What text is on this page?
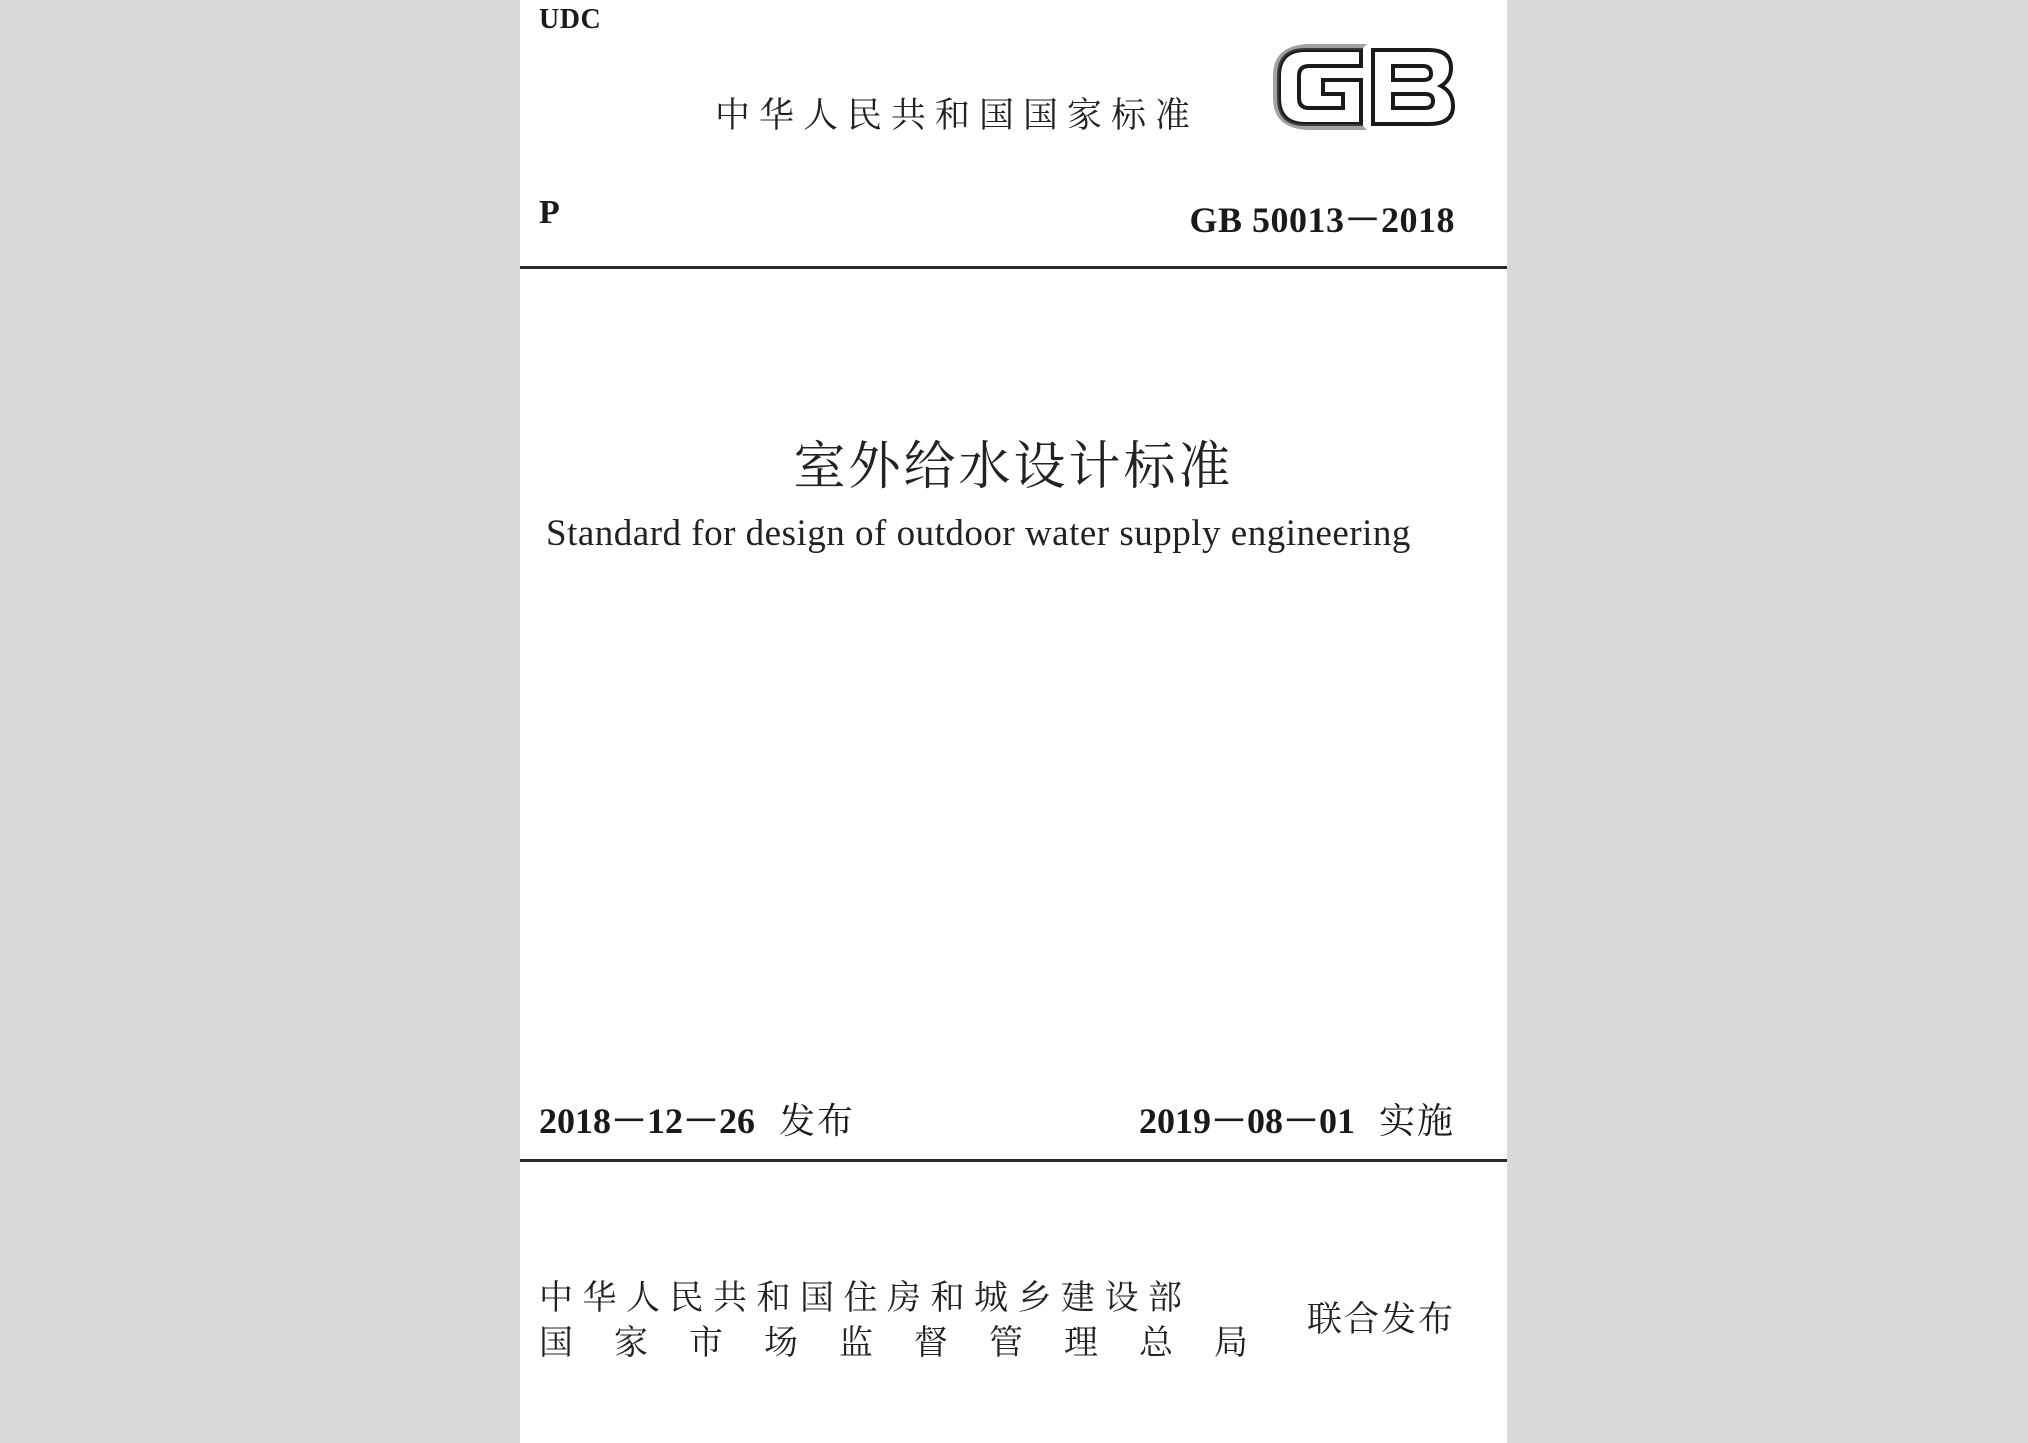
UDC
中华人民共和国国家标准
P	GB 50013－2018
室外给水设计标准
Standard for design of outdoor water supply engineering
2018－12－26 发布	2019－08－01 实施
中华人民共和国住房和城乡建设部
国家市场监督管理总局
联合发布
